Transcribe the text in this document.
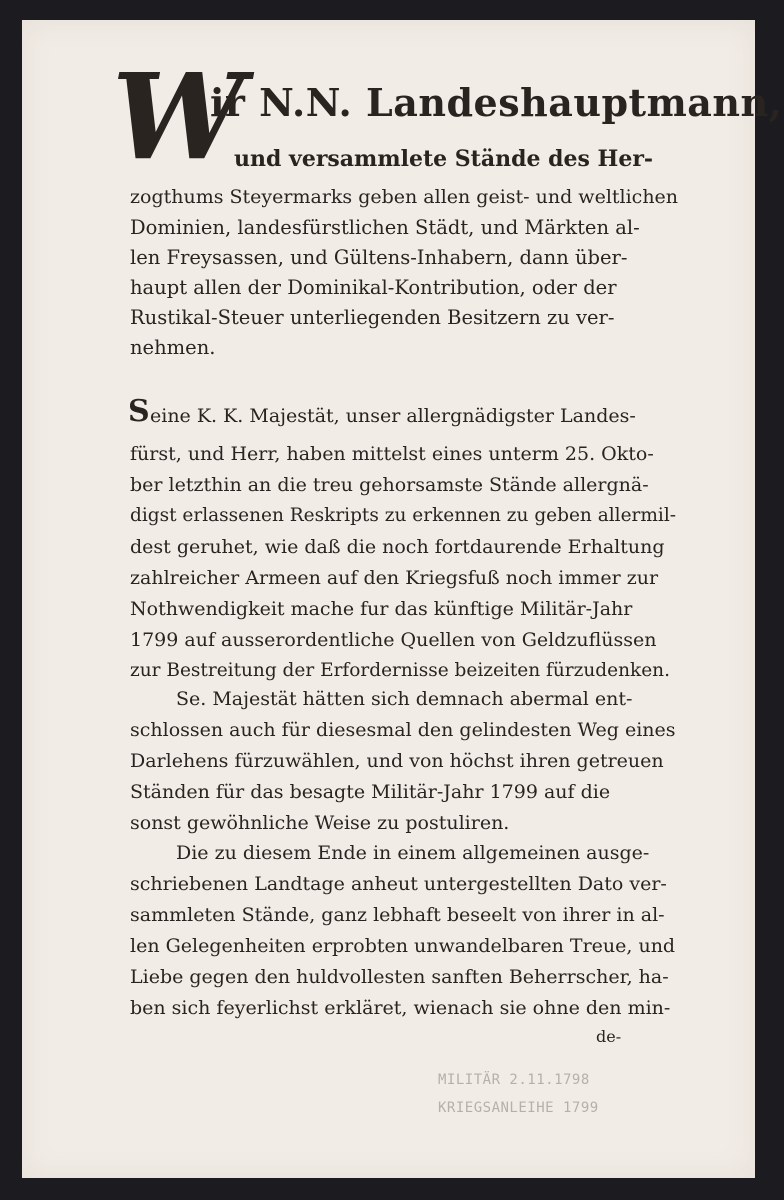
W
ir N.N. Landeshauptmann,
und versammlete Stände des Her-
zogthums Steyermarks geben allen geist- und weltlichen
Dominien, landesfürstlichen Städt, und Märkten al-
len Freysassen, und Gültens-Inhabern, dann über-
haupt allen der Dominikal-Kontribution, oder der
Rustikal-Steuer unterliegenden Besitzern zu ver-
nehmen.
S eine K. K. Majestät, unser allergnädigster Landes-
fürst, und Herr, haben mittelst eines unterm 25. Okto-
ber letzthin an die treu gehorsamste Stände allergnä-
digst erlassenen Reskripts zu erkennen zu geben allermil-
dest geruhet, wie daß die noch fortdaurende Erhaltung
zahlreicher Armeen auf den Kriegsfuß noch immer zur
Nothwendigkeit mache fur das künftige Militär-Jahr
1799 auf ausserordentliche Quellen von Geldzuflüssen
zur Bestreitung der Erfordernisse beizeiten fürzudenken.
Se. Majestät hätten sich demnach abermal ent-
schlossen auch für diesesmal den gelindesten Weg eines
Darlehens fürzuwählen, und von höchst ihren getreuen
Ständen für das besagte Militär-Jahr 1799 auf die
sonst gewöhnliche Weise zu postuliren.
Die zu diesem Ende in einem allgemeinen ausge-
schriebenen Landtage anheut untergestellten Dato ver-
sammleten Stände, ganz lebhaft beseelt von ihrer in al-
len Gelegenheiten erprobten unwandelbaren Treue, und
Liebe gegen den huldvollesten sanften Beherrscher, ha-
ben sich feyerlichst erkläret, wienach sie ohne den min-
de-
MILITÄR 2.11.1798
KRIEGSANLEIHE 1799
